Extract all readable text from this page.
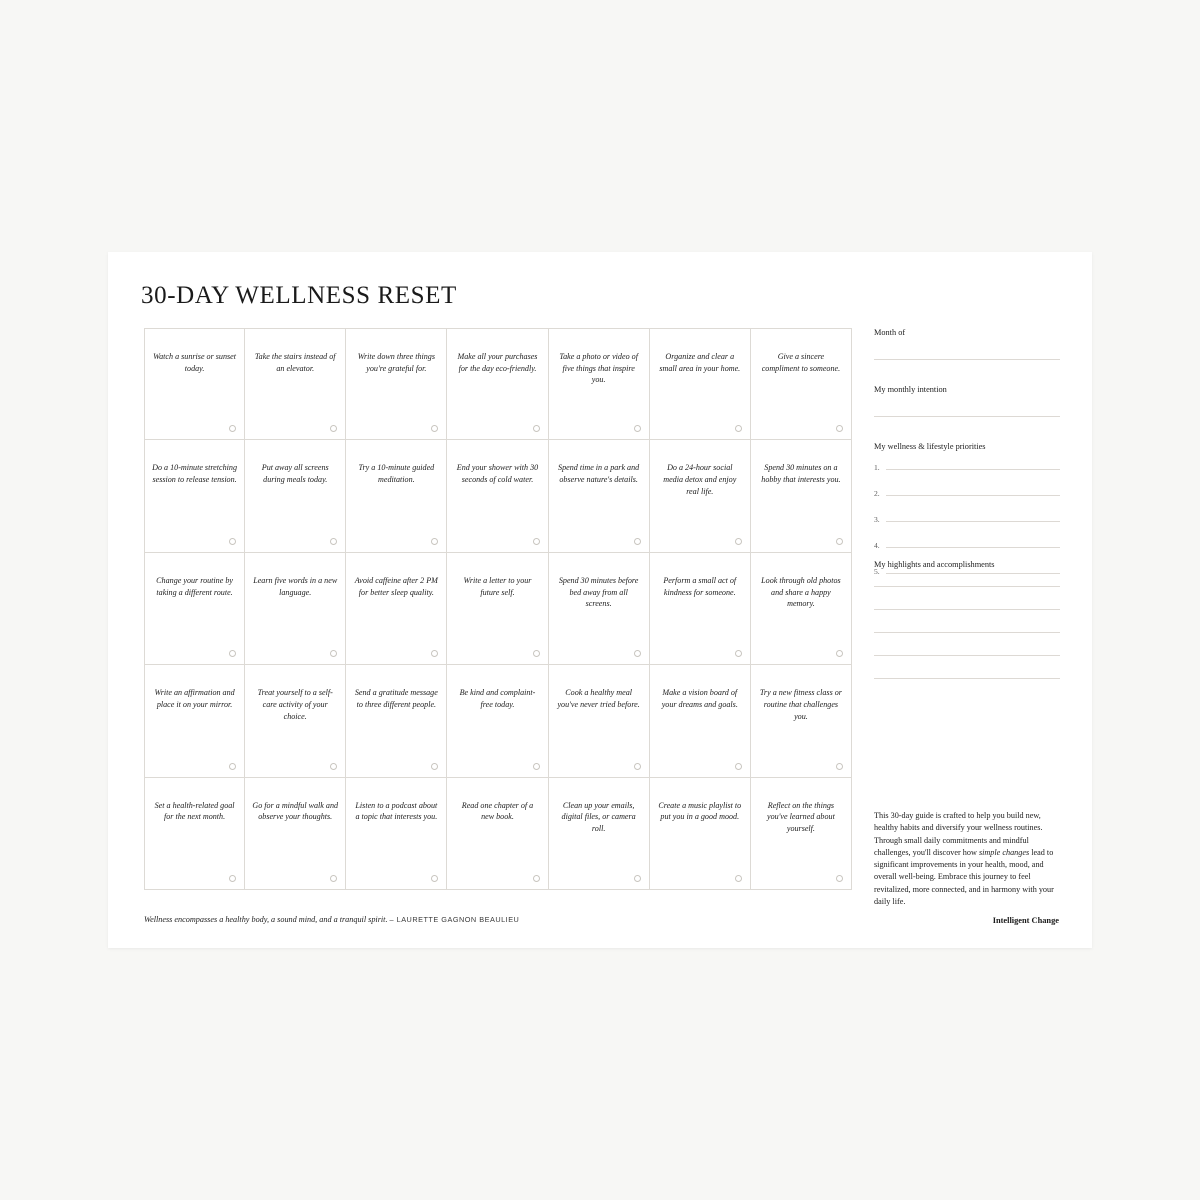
30-DAY WELLNESS RESET
Watch a sunrise or sunset today.
Take the stairs instead of an elevator.
Write down three things you're grateful for.
Make all your purchases for the day eco-friendly.
Take a photo or video of five things that inspire you.
Organize and clear a small area in your home.
Give a sincere compliment to someone.
Do a 10-minute stretching session to release tension.
Put away all screens during meals today.
Try a 10-minute guided meditation.
End your shower with 30 seconds of cold water.
Spend time in a park and observe nature's details.
Do a 24-hour social media detox and enjoy real life.
Spend 30 minutes on a hobby that interests you.
Change your routine by taking a different route.
Learn five words in a new language.
Avoid caffeine after 2 PM for better sleep quality.
Write a letter to your future self.
Spend 30 minutes before bed away from all screens.
Perform a small act of kindness for someone.
Look through old photos and share a happy memory.
Write an affirmation and place it on your mirror.
Treat yourself to a self-care activity of your choice.
Send a gratitude message to three different people.
Be kind and complaint-free today.
Cook a healthy meal you've never tried before.
Make a vision board of your dreams and goals.
Try a new fitness class or routine that challenges you.
Set a health-related goal for the next month.
Go for a mindful walk and observe your thoughts.
Listen to a podcast about a topic that interests you.
Read one chapter of a new book.
Clean up your emails, digital files, or camera roll.
Create a music playlist to put you in a good mood.
Reflect on the things you've learned about yourself.
Month of
My monthly intention
My wellness & lifestyle priorities
1.
2.
3.
4.
5.
My highlights and accomplishments
This 30-day guide is crafted to help you build new, healthy habits and diversify your wellness routines. Through small daily commitments and mindful challenges, you'll discover how simple changes lead to significant improvements in your health, mood, and overall well-being. Embrace this journey to feel revitalized, more connected, and in harmony with your daily life.
Wellness encompasses a healthy body, a sound mind, and a tranquil spirit. – LAURETTE GAGNON BEAULIEU	Intelligent Change
